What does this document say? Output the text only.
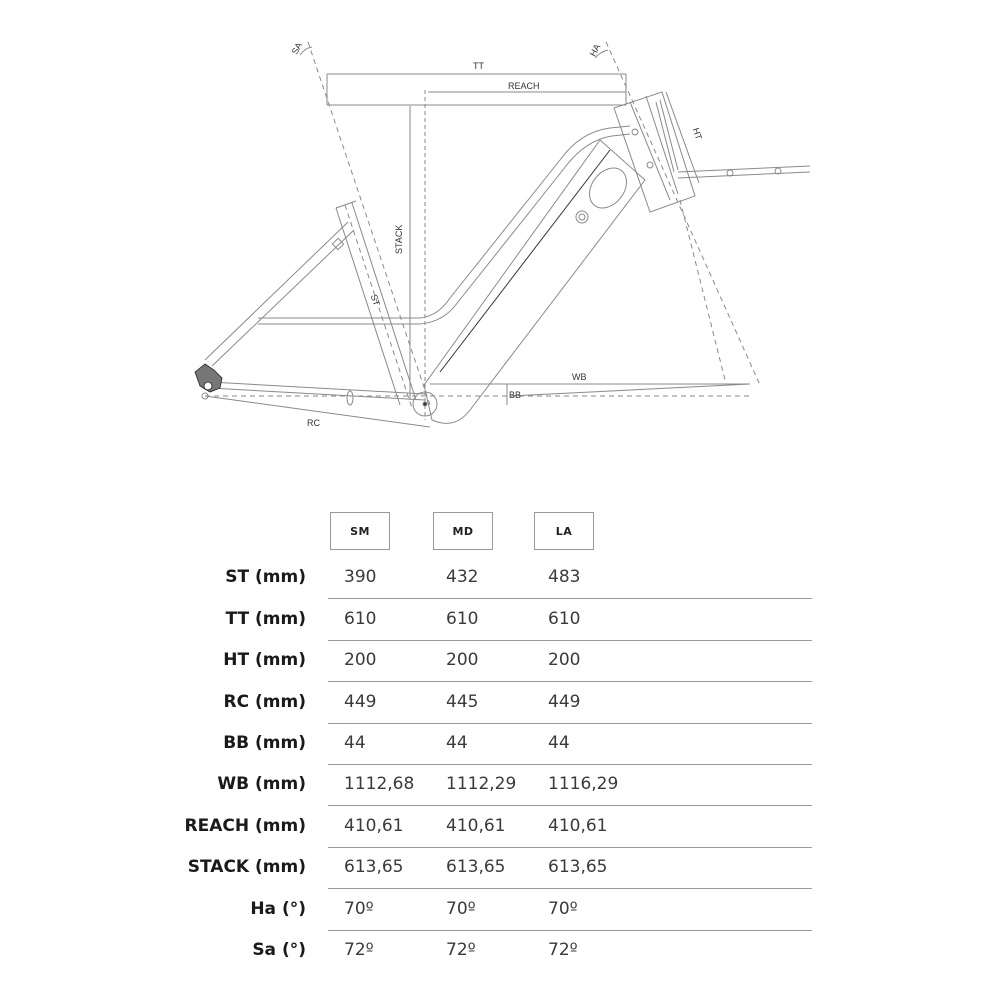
SA	HA
TT
REACH
STACK
ST
HT
RC
BB
WB
SM	MD	LA
ST (mm) 390	432	483
TT (mm) 610	610	610
HT (mm) 200	200	200
RC (mm) 449	445	449
BB (mm) 44	44	44
WB (mm) 1112,68 1112,29 1116,29
REACH (mm) 410,61	410,61	410,61
STACK (mm) 613,65	613,65	613,65
Ha (°) 70º	70º	70º
Sa (°) 72º	72º	72º
